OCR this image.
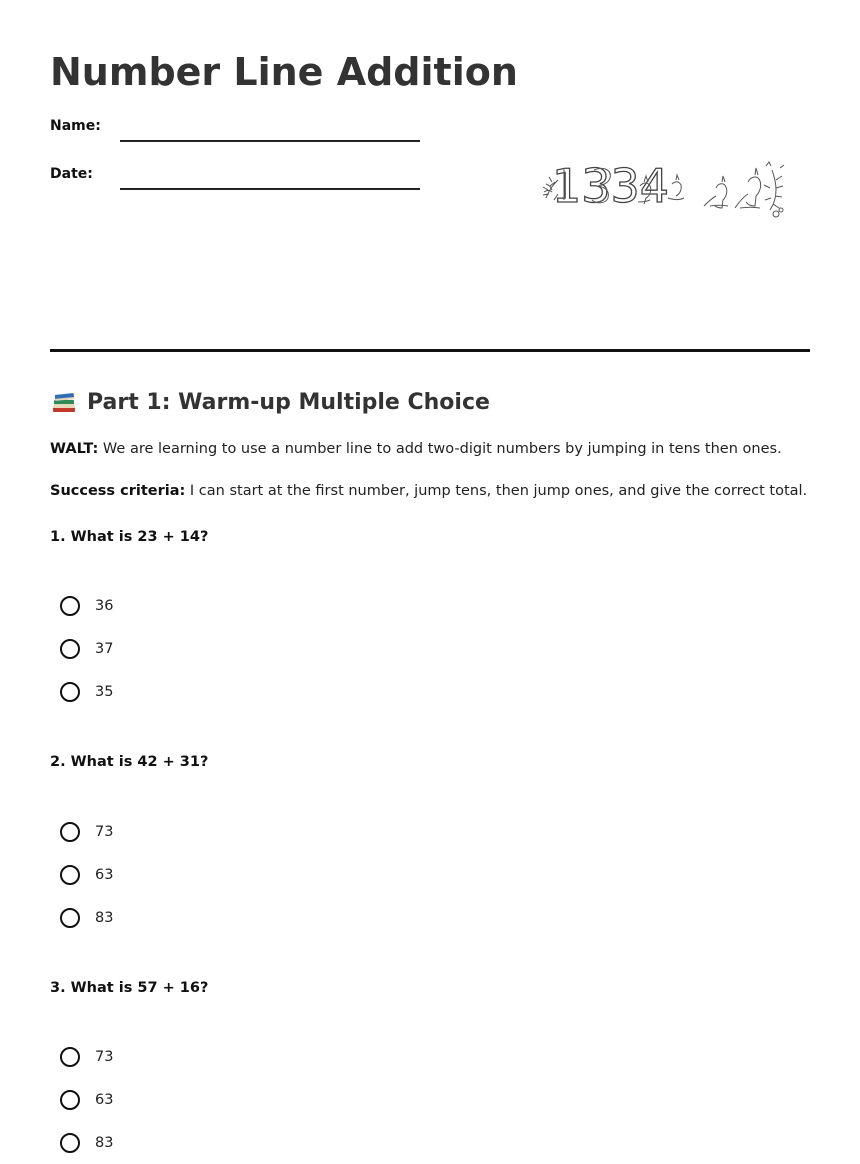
Number Line Addition
Name:
Date:	1334
Part 1: Warm-up Multiple Choice

WALT: We are learning to use a number line to add two-digit numbers by jumping in tens then ones.

Success criteria: I can start at the first number, jump tens, then jump ones, and give the correct total.

1. What is 23 + 14?

36
37
35

2. What is 42 + 31?

73
63
83

3. What is 57 + 16?

73
63
83
